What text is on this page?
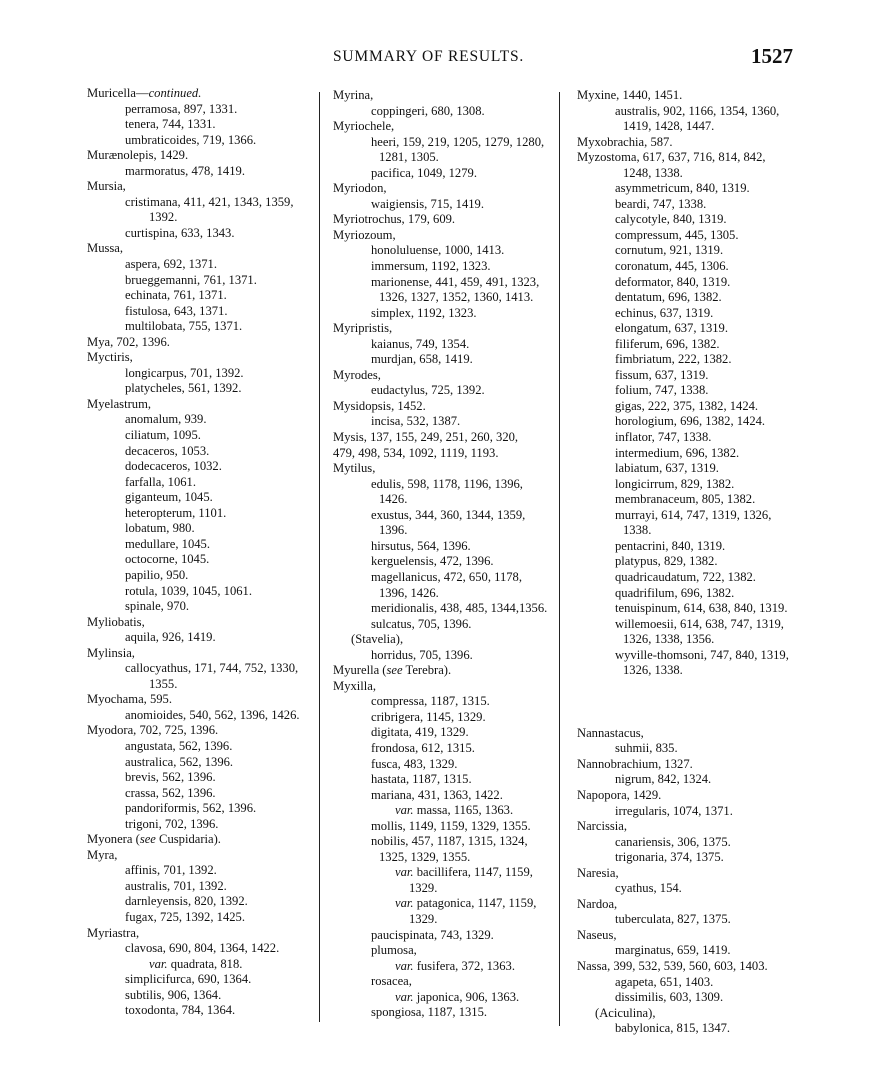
SUMMARY OF RESULTS.	1527
Muricella—continued.
perramosa, 897, 1331.
tenera, 744, 1331.
umbraticoides, 719, 1366.
Murænolepis, 1429.
marmoratus, 478, 1419.
Mursia,
cristimana, 411, 421, 1343, 1359,
1392.
curtispina, 633, 1343.
Mussa,
aspera, 692, 1371.
brueggemanni, 761, 1371.
echinata, 761, 1371.
fistulosa, 643, 1371.
multilobata, 755, 1371.
Mya, 702, 1396.
Myctiris,
longicarpus, 701, 1392.
platycheles, 561, 1392.
Myelastrum,
anomalum, 939.
ciliatum, 1095.
decaceros, 1053.
dodecaceros, 1032.
farfalla, 1061.
giganteum, 1045.
heteropterum, 1101.
lobatum, 980.
medullare, 1045.
octocorne, 1045.
papilio, 950.
rotula, 1039, 1045, 1061.
spinale, 970.
Myliobatis,
aquila, 926, 1419.
Mylinsia,
callocyathus, 171, 744, 752, 1330,
1355.
Myochama, 595.
anomioides, 540, 562, 1396, 1426.
Myodora, 702, 725, 1396.
angustata, 562, 1396.
australica, 562, 1396.
brevis, 562, 1396.
crassa, 562, 1396.
pandoriformis, 562, 1396.
trigoni, 702, 1396.
Myonera (see Cuspidaria).
Myra,
affinis, 701, 1392.
australis, 701, 1392.
darnleyensis, 820, 1392.
fugax, 725, 1392, 1425.
Myriastra,
clavosa, 690, 804, 1364, 1422.
var. quadrata, 818.
simplicifurca, 690, 1364.
subtilis, 906, 1364.
toxodonta, 784, 1364.
Myrina,
coppingeri, 680, 1308.
Myriochele,
heeri, 159, 219, 1205, 1279, 1280,
1281, 1305.
pacifica, 1049, 1279.
Myriodon,
waigiensis, 715, 1419.
Myriotrochus, 179, 609.
Myriozoum,
honoluluense, 1000, 1413.
immersum, 1192, 1323.
marionense, 441, 459, 491, 1323,
1326, 1327, 1352, 1360, 1413.
simplex, 1192, 1323.
Myripristis,
kaianus, 749, 1354.
murdjan, 658, 1419.
Myrodes,
eudactylus, 725, 1392.
Mysidopsis, 1452.
incisa, 532, 1387.
Mysis, 137, 155, 249, 251, 260, 320,
479, 498, 534, 1092, 1119, 1193.
Mytilus,
edulis, 598, 1178, 1196, 1396,
1426.
exustus, 344, 360, 1344, 1359,
1396.
hirsutus, 564, 1396.
kerguelensis, 472, 1396.
magellanicus, 472, 650, 1178,
1396, 1426.
meridionalis, 438, 485, 1344,1356.
sulcatus, 705, 1396.
(Stavelia),
horridus, 705, 1396.
Myurella (see Terebra).
Myxilla,
compressa, 1187, 1315.
cribrigera, 1145, 1329.
digitata, 419, 1329.
frondosa, 612, 1315.
fusca, 483, 1329.
hastata, 1187, 1315.
mariana, 431, 1363, 1422.
var. massa, 1165, 1363.
mollis, 1149, 1159, 1329, 1355.
nobilis, 457, 1187, 1315, 1324,
1325, 1329, 1355.
var. bacillifera, 1147, 1159,
1329.
var. patagonica, 1147, 1159,
1329.
paucispinata, 743, 1329.
plumosa,
var. fusifera, 372, 1363.
rosacea,
var. japonica, 906, 1363.
spongiosa, 1187, 1315.
Myxine, 1440, 1451.
australis, 902, 1166, 1354, 1360,
1419, 1428, 1447.
Myxobrachia, 587.
Myzostoma, 617, 637, 716, 814, 842,
1248, 1338.
asymmetricum, 840, 1319.
beardi, 747, 1338.
calycotyle, 840, 1319.
compressum, 445, 1305.
cornutum, 921, 1319.
coronatum, 445, 1306.
deformator, 840, 1319.
dentatum, 696, 1382.
echinus, 637, 1319.
elongatum, 637, 1319.
filiferum, 696, 1382.
fimbriatum, 222, 1382.
fissum, 637, 1319.
folium, 747, 1338.
gigas, 222, 375, 1382, 1424.
horologium, 696, 1382, 1424.
inflator, 747, 1338.
intermedium, 696, 1382.
labiatum, 637, 1319.
longicirrum, 829, 1382.
membranaceum, 805, 1382.
murrayi, 614, 747, 1319, 1326,
1338.
pentacrini, 840, 1319.
platypus, 829, 1382.
quadricaudatum, 722, 1382.
quadrifilum, 696, 1382.
tenuispinum, 614, 638, 840, 1319.
willemoesii, 614, 638, 747, 1319,
1326, 1338, 1356.
wyville-thomsoni, 747, 840, 1319,
1326, 1338.
Nannastacus,
suhmii, 835.
Nannobrachium, 1327.
nigrum, 842, 1324.
Napopora, 1429.
irregularis, 1074, 1371.
Narcissia,
canariensis, 306, 1375.
trigonaria, 374, 1375.
Naresia,
cyathus, 154.
Nardoa,
tuberculata, 827, 1375.
Naseus,
marginatus, 659, 1419.
Nassa, 399, 532, 539, 560, 603, 1403.
agapeta, 651, 1403.
dissimilis, 603, 1309.
(Aciculina),
babylonica, 815, 1347.
